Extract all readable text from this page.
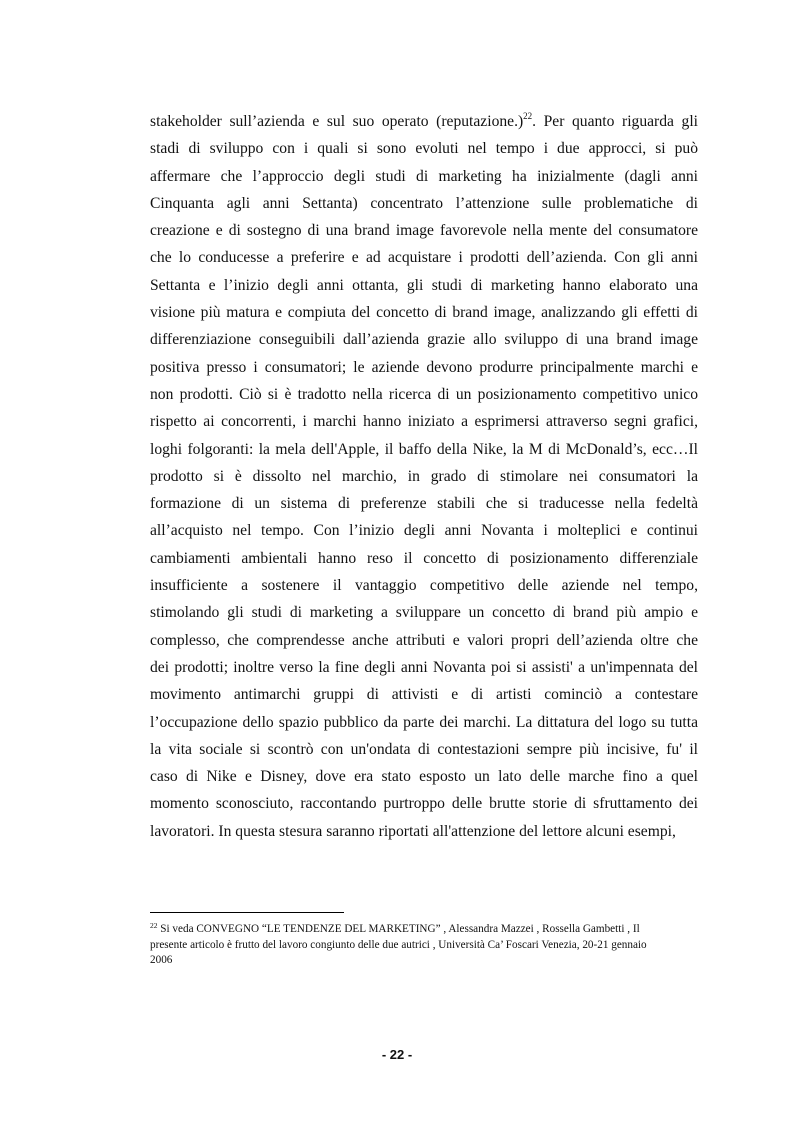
stakeholder sull’azienda e sul suo operato (reputazione.)$^{22}$. Per quanto riguarda gli
stadi di sviluppo con i quali si sono evoluti nel tempo i due approcci, si può
affermare che l’approccio degli studi di marketing ha inizialmente (dagli anni
Cinquanta agli anni Settanta) concentrato l’attenzione sulle problematiche di
creazione e di sostegno di una brand image favorevole nella mente del consumatore
che lo conducesse a preferire e ad acquistare i prodotti dell’azienda. Con gli anni
Settanta e l’inizio degli anni ottanta, gli studi di marketing hanno elaborato una
visione più matura e compiuta del concetto di brand image, analizzando gli effetti di
differenziazione conseguibili dall’azienda grazie allo sviluppo di una brand image
positiva presso i consumatori; le aziende devono produrre principalmente marchi e
non prodotti. Ciò si è tradotto nella ricerca di un posizionamento competitivo unico
rispetto ai concorrenti, i marchi hanno iniziato a esprimersi attraverso segni grafici,
loghi folgoranti: la mela dell'Apple, il baffo della Nike, la M di McDonald’s, ecc…Il
prodotto si è dissolto nel marchio, in grado di stimolare nei consumatori la
formazione di un sistema di preferenze stabili che si traducesse nella fedeltà
all’acquisto nel tempo. Con l’inizio degli anni Novanta i molteplici e continui
cambiamenti ambientali hanno reso il concetto di posizionamento differenziale
insufficiente a sostenere il vantaggio competitivo delle aziende nel tempo,
stimolando gli studi di marketing a sviluppare un concetto di brand più ampio e
complesso, che comprendesse anche attributi e valori propri dell’azienda oltre che
dei prodotti; inoltre verso la fine degli anni Novanta poi si assisti' a un'impennata del
movimento antimarchi gruppi di attivisti e di artisti cominciò a contestare
l’occupazione dello spazio pubblico da parte dei marchi. La dittatura del logo su tutta
la vita sociale si scontrò con un'ondata di contestazioni sempre più incisive, fu' il
caso di Nike e Disney, dove era stato esposto un lato delle marche fino a quel
momento sconosciuto, raccontando purtroppo delle brutte storie di sfruttamento dei
lavoratori. In questa stesura saranno riportati all'attenzione del lettore alcuni esempi,
$^{22}$ Si veda CONVEGNO “LE TENDENZE DEL MARKETING” , Alessandra Mazzei , Rossella Gambetti , Il
presente articolo è frutto del lavoro congiunto delle due autrici , Università Ca’ Foscari Venezia, 20-21 gennaio
2006
- 22 -
